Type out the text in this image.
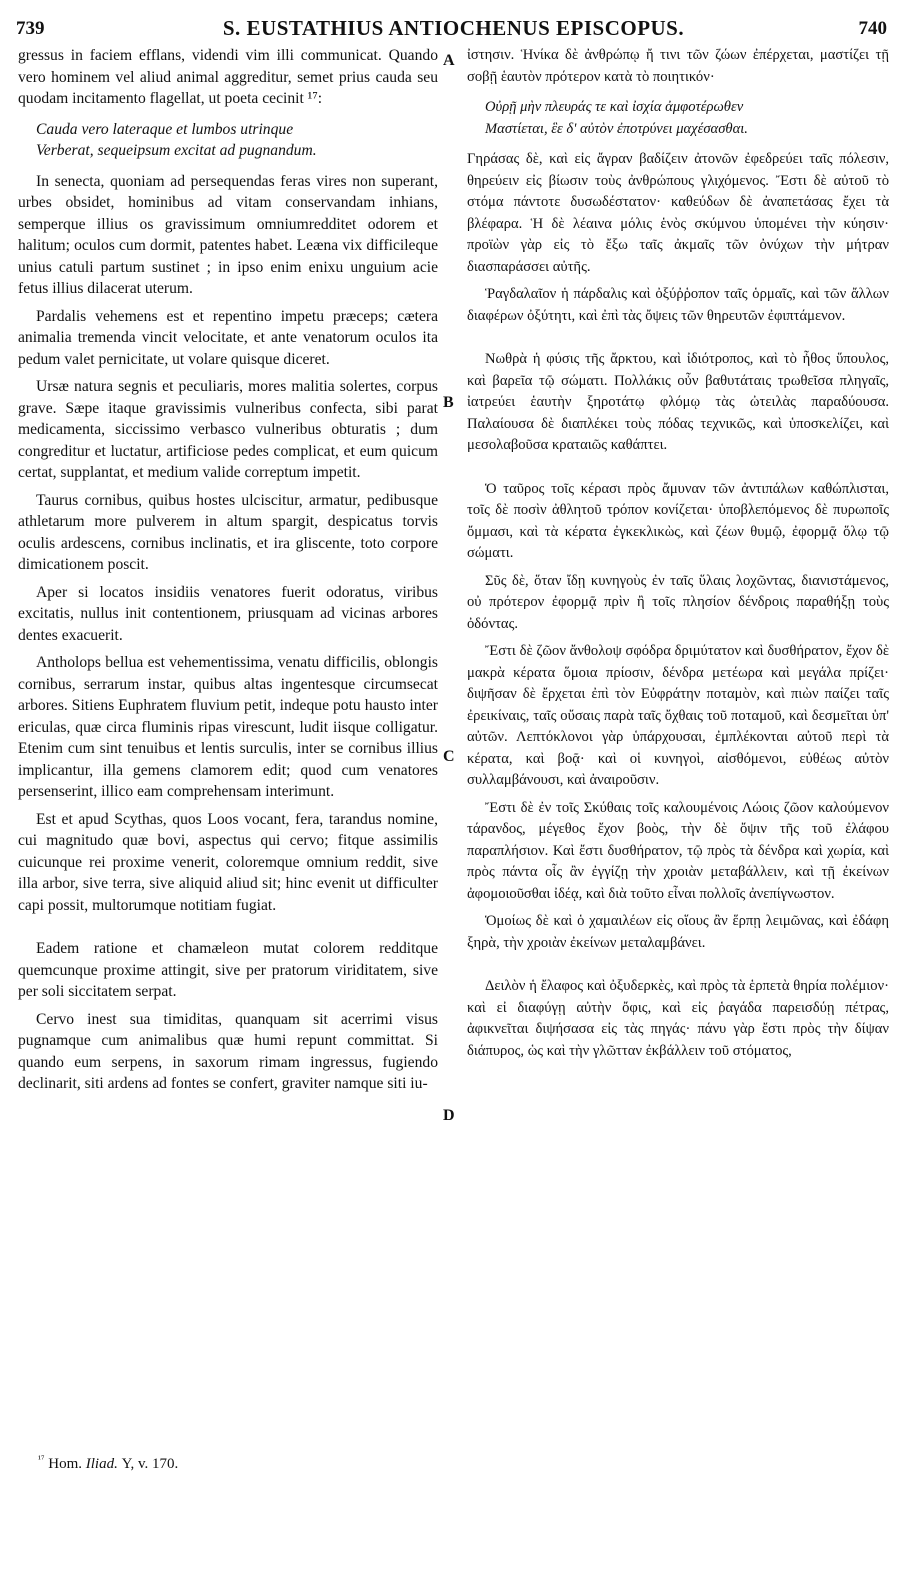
739	S. EUSTATHIUS ANTIOCHENUS EPISCOPUS.	740
A
B
C
D

gressus in faciem efflans, videndi vim illi communicat. Quando vero hominem vel aliud animal aggreditur, semet prius cauda seu quodam incitamento flagellat, ut poeta cecinit ¹⁷:

Cauda vero lateraque et lumbos utrinque
Verberat, sequeipsum excitat ad pugnandum.

In senecta, quoniam ad persequendas feras vires non superant, urbes obsidet, hominibus ad vitam conservandam inhians, semperque illius os gravissimum omniumredditet odorem et halitum; oculos cum dormit, patentes habet. Leæna vix difficileque unius catuli partum sustinet ; in ipso enim enixu unguium acie fetus illius dilacerat uterum.

Pardalis vehemens est et repentino impetu præceps; cætera animalia tremenda vincit velocitate, et ante venatorum oculos ita pedum valet pernicitate, ut volare quisque diceret.

Ursæ natura segnis et peculiaris, mores malitia solertes, corpus grave. Sæpe itaque gravissimis vulneribus confecta, sibi parat medicamenta, siccissimo verbasco vulneribus obturatis ; dum congreditur et luctatur, artificiose pedes complicat, et eum quicum certat, supplantat, et medium valide correptum impetit.

Taurus cornibus, quibus hostes ulciscitur, armatur, pedibusque athletarum more pulverem in altum spargit, despicatus torvis oculis ardescens, cornibus inclinatis, et ira gliscente, toto corpore dimicationem poscit.

Aper si locatos insidiis venatores fuerit odoratus, viribus excitatis, nullus init contentionem, priusquam ad vicinas arbores dentes exacuerit.

Antholops bellua est vehementissima, venatu difficilis, oblongis cornibus, serrarum instar, quibus altas ingentesque circumsecat arbores. Sitiens Euphratem fluvium petit, indeque potu hausto inter ericulas, quæ circa fluminis ripas virescunt, ludit iisque colligatur. Etenim cum sint tenuibus et lentis surculis, inter se cornibus illius implicantur, illa gemens clamorem edit; quod cum venatores persenserint, illico eam comprehensam interimunt.

Est et apud Scythas, quos Loos vocant, fera, tarandus nomine, cui magnitudo quæ bovi, aspectus qui cervo; fitque assimilis cuicunque rei proxime venerit, coloremque omnium reddit, sive illa arbor, sive terra, sive aliquid aliud sit; hinc evenit ut difficulter capi possit, multorumque notitiam fugiat.

Eadem ratione et chamæleon mutat colorem redditque quemcunque proxime attingit, sive per pratorum viriditatem, sive per soli siccitatem serpat.

Cervo inest sua timiditas, quanquam sit acerrimi visus pugnamque cum animalibus quæ humi repunt committat. Si quando eum serpens, in saxorum rimam ingressus, fugiendo declinarit, siti ardens ad fontes se confert, graviter namque siti iu-

ἰστησιν. Ἡνίκα δὲ ἀνθρώπῳ ἤ τινι τῶν ζώων ἐπέρχεται, μαστίζει τῇ σοβῇ ἑαυτὸν πρότερον κατὰ τὸ ποιητικόν·

Οὐρῇ μὴν πλευράς τε καὶ ἰσχία ἀμφοτέρωθεν
Μαστίεται, ἓε δ' αὐτὸν ἐποτρύνει μαχέσασθαι.

Γηράσας δὲ, καὶ εἰς ἄγραν βαδίζειν ἀτονῶν ἐφεδρεύει ταῖς πόλεσιν, θηρεύειν εἰς βίωσιν τοὺς ἀνθρώπους γλιχόμενος. Ἔστι δὲ αὐτοῦ τὸ στόμα πάντοτε δυσωδέστατον· καθεύδων δὲ ἀναπετάσας ἔχει τὰ βλέφαρα. Ἡ δὲ λέαινα μόλις ἑνὸς σκύμνου ὑπομένει τὴν κύησιν· προϊὼν γὰρ εἰς τὸ ἔξω ταῖς ἀκμαῖς τῶν ὀνύχων τὴν μήτραν διασπαράσσει αὐτῆς.

Ῥαγδαλαῖον ἡ πάρδαλις καὶ ὀξύῤῥοπον ταῖς ὁρμαῖς, καὶ τῶν ἄλλων διαφέρων ὀξύτητι, καὶ ἐπὶ τὰς ὄψεις τῶν θηρευτῶν ἐφιπτάμενον.

Νωθρὰ ἡ φύσις τῆς ἄρκτου, καὶ ἰδιότροπος, καὶ τὸ ἦθος ὕπουλος, καὶ βαρεῖα τῷ σώματι. Πολλάκις οὖν βαθυτάταις τρωθεῖσα πληγαῖς, ἰατρεύει ἑαυτὴν ξηροτάτῳ φλόμῳ τὰς ὠτειλὰς παραδύουσα. Παλαίουσα δὲ διαπλέκει τοὺς πόδας τεχνικῶς, καὶ ὑποσκελίζει, καὶ μεσολαβοῦσα κραταιῶς καθάπτει.

Ὁ ταῦρος τοῖς κέρασι πρὸς ἄμυναν τῶν ἀντιπάλων καθώπλισται, τοῖς δὲ ποσὶν ἀθλητοῦ τρόπον κονίζεται· ὑποβλεπόμενος δὲ πυρωποῖς ὄμμασι, καὶ τὰ κέρατα ἐγκεκλικὼς, καὶ ζέων θυμῷ, ἐφορμᾷ ὅλῳ τῷ σώματι.

Σῦς δὲ, ὅταν ἴδῃ κυνηγοὺς ἐν ταῖς ὕλαις λοχῶντας, διανιστάμενος, οὐ πρότερον ἐφορμᾷ πρὶν ἢ τοῖς πλησίον δένδροις παραθήξῃ τοὺς ὀδόντας.

Ἔστι δὲ ζῶον ἄνθολοψ σφόδρα δριμύτατον καὶ δυσθήρατον, ἔχον δὲ μακρὰ κέρατα ὅμοια πρίοσιν, δένδρα μετέωρα καὶ μεγάλα πρίζει· διψῆσαν δὲ ἔρχεται ἐπὶ τὸν Εὐφράτην ποταμὸν, καὶ πιὼν παίζει ταῖς ἐρεικίναις, ταῖς οὔσαις παρὰ ταῖς ὄχθαις τοῦ ποταμοῦ, καὶ δεσμεῖται ὑπ' αὐτῶν. Λεπτόκλονοι γὰρ ὑπάρχουσαι, ἐμπλέκονται αὐτοῦ περὶ τὰ κέρατα, καὶ βοᾷ· καὶ οἱ κυνηγοὶ, αἰσθόμενοι, εὐθέως αὐτὸν συλλαμβάνουσι, καὶ ἀναιροῦσιν.

Ἔστι δὲ ἐν τοῖς Σκύθαις τοῖς καλουμένοις Λώοις ζῶον καλούμενον τάρανδος, μέγεθος ἔχον βοὸς, τὴν δὲ ὄψιν τῆς τοῦ ἐλάφου παραπλήσιον. Καὶ ἔστι δυσθήρατον, τῷ πρὸς τὰ δένδρα καὶ χωρία, καὶ πρὸς πάντα οἷς ἂν ἐγγίζῃ τὴν χροιὰν μεταβάλλειν, καὶ τῇ ἐκείνων ἀφομοιοῦσθαι ἰδέᾳ, καὶ διὰ τοῦτο εἶναι πολλοῖς ἀνεπίγνωστον.

Ὁμοίως δὲ καὶ ὁ χαμαιλέων εἰς οἵους ἂν ἕρπῃ λειμῶνας, καὶ ἐδάφη ξηρὰ, τὴν χροιὰν ἐκείνων μεταλαμβάνει.

Δειλὸν ἡ ἔλαφος καὶ ὀξυδερκὲς, καὶ πρὸς τὰ ἑρπετὰ θηρία πολέμιον· καὶ εἰ διαφύγῃ αὐτὴν ὄφις, καὶ εἰς ῥαγάδα παρεισδύῃ πέτρας, ἀφικνεῖται διψήσασα εἰς τὰς πηγάς· πάνυ γὰρ ἔστι πρὸς τὴν δίψαν διάπυρος, ὡς καὶ τὴν γλῶτταν ἐκβάλλειν τοῦ στόματος,

$^{^{17}}$ Hom. Iliad. Υ, v. 170.
